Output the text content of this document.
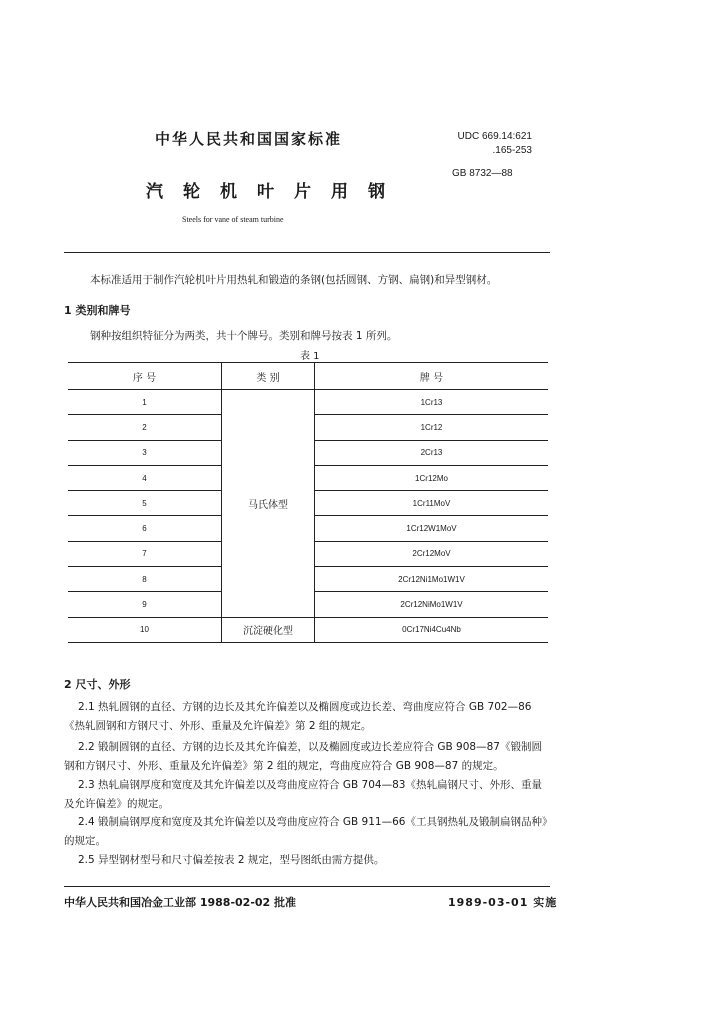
中华人民共和国国家标准	UDC 669.14:621
.165-253
GB 8732—88
汽轮机叶片用钢
Steels for vane of steam turbine
本标准适用于制作汽轮机叶片用热轧和锻造的条钢(包括圆钢、方钢、扁钢)和异型钢材。
1 类别和牌号
钢种按组织特征分为两类，共十个牌号。类别和牌号按表 1 所列。
表 1
序 号	类 别	牌 号
1	马氏体型	1Cr13
2		1Cr12
3		2Cr13
4		1Cr12Mo
5		1Cr11MoV
6		1Cr12W1MoV
7		2Cr12MoV
8		2Cr12Ni1Mo1W1V
9		2Cr12NiMo1W1V
10	沉淀硬化型	0Cr17Ni4Cu4Nb
2 尺寸、外形
2.1 热轧圆钢的直径、方钢的边长及其允许偏差以及椭圆度或边长差、弯曲度应符合 GB 702—86《热轧圆钢和方钢尺寸、外形、重量及允许偏差》第 2 组的规定。
2.2 锻制圆钢的直径、方钢的边长及其允许偏差，以及椭圆度或边长差应符合 GB 908—87《锻制圆钢和方钢尺寸、外形、重量及允许偏差》第 2 组的规定，弯曲度应符合 GB 908—87 的规定。
2.3 热轧扁钢厚度和宽度及其允许偏差以及弯曲度应符合 GB 704—83《热轧扁钢尺寸、外形、重量及允许偏差》的规定。
2.4 锻制扁钢厚度和宽度及其允许偏差以及弯曲度应符合 GB 911—66《工具钢热轧及锻制扁钢品种》的规定。
2.5 异型钢材型号和尺寸偏差按表 2 规定，型号图纸由需方提供。
中华人民共和国冶金工业部 1988-02-02 批准	1989-03-01 实施
